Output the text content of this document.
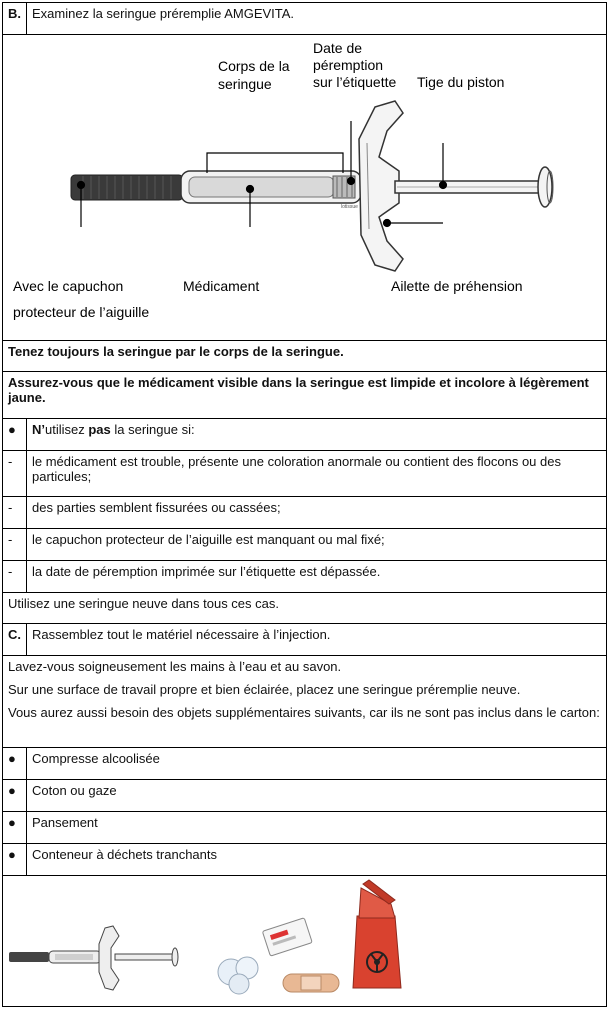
B. Examinez la seringue préremplie AMGEVITA.
Corps de la
seringue
Date de
péremption
sur l’étiquette Tige du piston
Avec le capuchon
protecteur de l’aiguille
Médicament	Ailette de préhension
lotissue
Tenez toujours la seringue par le corps de la seringue.
Assurez-vous que le médicament visible dans la seringue est limpide et incolore à légèrement jaune.
●	N’utilisez pas la seringue si:
-	le médicament est trouble, présente une coloration anormale ou contient des flocons ou des particules;
-	des parties semblent fissurées ou cassées;
-	le capuchon protecteur de l’aiguille est manquant ou mal fixé;
-	la date de péremption imprimée sur l’étiquette est dépassée.
Utilisez une seringue neuve dans tous ces cas.
C. Rassemblez tout le matériel nécessaire à l’injection.

Lavez-vous soigneusement les mains à l’eau et au savon.

Sur une surface de travail propre et bien éclairée, placez une seringue préremplie neuve.

Vous aurez aussi besoin des objets supplémentaires suivants, car ils ne sont pas inclus dans le carton:

●	Compresse alcoolisée
●	Coton ou gaze
●	Pansement
●	Conteneur à déchets tranchants
